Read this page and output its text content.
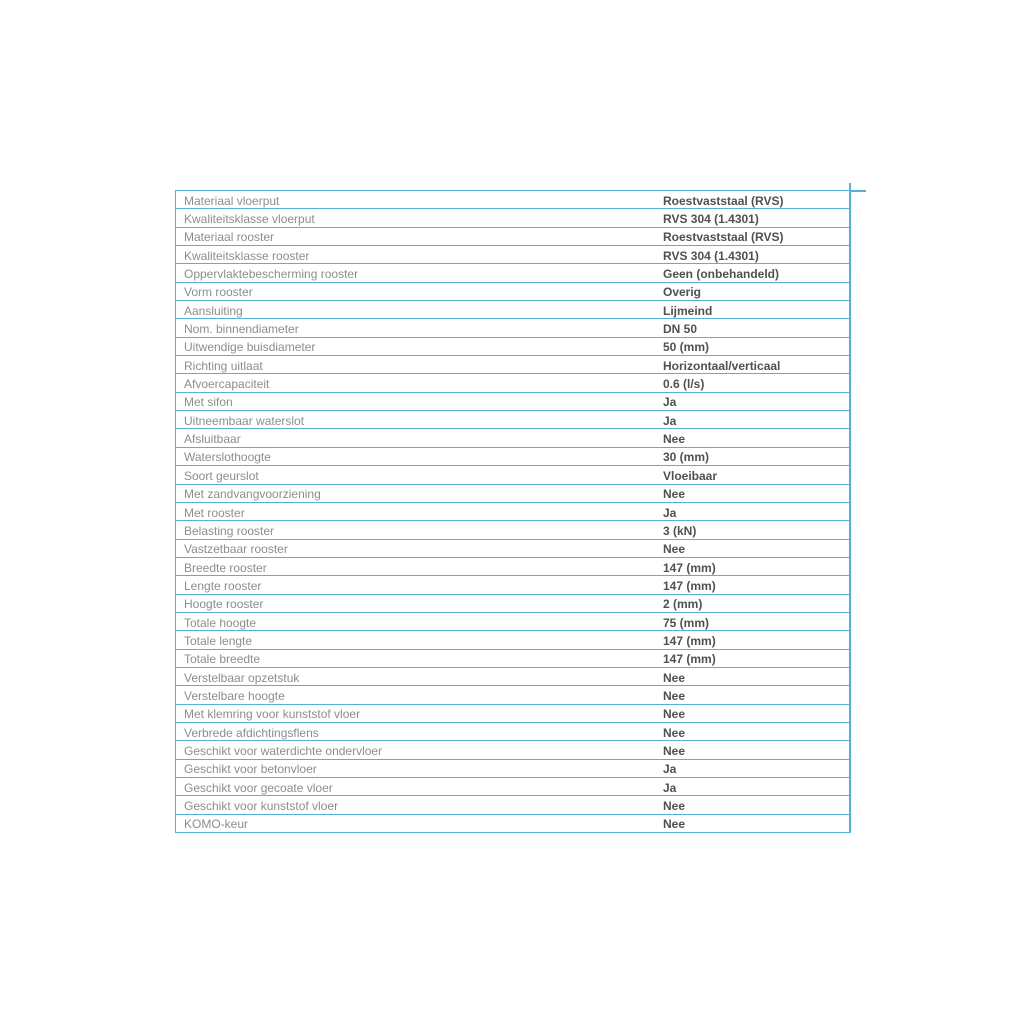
Materiaal vloerput	Roestvaststaal (RVS)
Kwaliteitsklasse vloerput	RVS 304 (1.4301)
Materiaal rooster	Roestvaststaal (RVS)
Kwaliteitsklasse rooster	RVS 304 (1.4301)
Oppervlaktebescherming rooster	Geen (onbehandeld)
Vorm rooster	Overig
Aansluiting	Lijmeind
Nom. binnendiameter	DN 50
Uitwendige buisdiameter	50 (mm)
Richting uitlaat	Horizontaal/verticaal
Afvoercapaciteit	0.6 (l/s)
Met sifon	Ja
Uitneembaar waterslot	Ja
Afsluitbaar	Nee
Waterslothoogte	30 (mm)
Soort geurslot	Vloeibaar
Met zandvangvoorziening	Nee
Met rooster	Ja
Belasting rooster	3 (kN)
Vastzetbaar rooster	Nee
Breedte rooster	147 (mm)
Lengte rooster	147 (mm)
Hoogte rooster	2 (mm)
Totale hoogte	75 (mm)
Totale lengte	147 (mm)
Totale breedte	147 (mm)
Verstelbaar opzetstuk	Nee
Verstelbare hoogte	Nee
Met klemring voor kunststof vloer	Nee
Verbrede afdichtingsflens	Nee
Geschikt voor waterdichte ondervloer	Nee
Geschikt voor betonvloer	Ja
Geschikt voor gecoate vloer	Ja
Geschikt voor kunststof vloer	Nee
KOMO-keur	Nee
